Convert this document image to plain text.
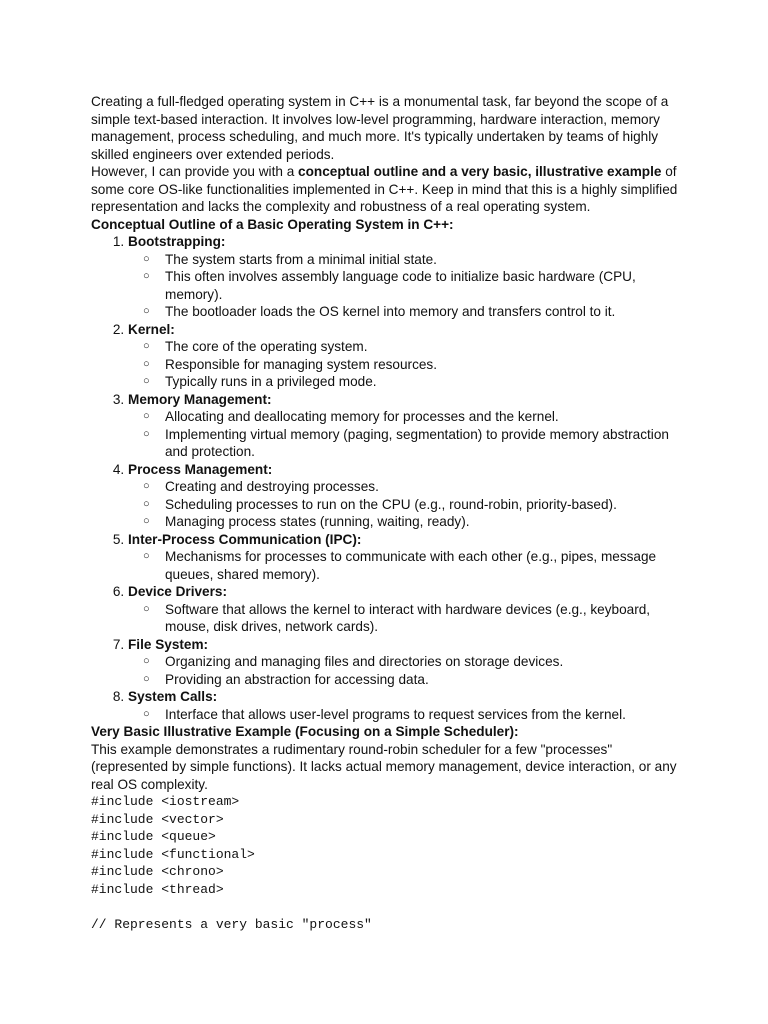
Creating a full-fledged operating system in C++ is a monumental task, far beyond the scope of a simple text-based interaction. It involves low-level programming, hardware interaction, memory management, process scheduling, and much more. It's typically undertaken by teams of highly skilled engineers over extended periods.

However, I can provide you with a conceptual outline and a very basic, illustrative example of some core OS-like functionalities implemented in C++. Keep in mind that this is a highly simplified representation and lacks the complexity and robustness of a real operating system.

Conceptual Outline of a Basic Operating System in C++:

1. Bootstrapping:
○ The system starts from a minimal initial state.
○ This often involves assembly language code to initialize basic hardware (CPU, memory).
○ The bootloader loads the OS kernel into memory and transfers control to it.
2. Kernel:
○ The core of the operating system.
○ Responsible for managing system resources.
○ Typically runs in a privileged mode.
3. Memory Management:
○ Allocating and deallocating memory for processes and the kernel.
○ Implementing virtual memory (paging, segmentation) to provide memory abstraction and protection.
4. Process Management:
○ Creating and destroying processes.
○ Scheduling processes to run on the CPU (e.g., round-robin, priority-based).
○ Managing process states (running, waiting, ready).
5. Inter-Process Communication (IPC):
○ Mechanisms for processes to communicate with each other (e.g., pipes, message queues, shared memory).
6. Device Drivers:
○ Software that allows the kernel to interact with hardware devices (e.g., keyboard, mouse, disk drives, network cards).
7. File System:
○ Organizing and managing files and directories on storage devices.
○ Providing an abstraction for accessing data.
8. System Calls:
○ Interface that allows user-level programs to request services from the kernel.

Very Basic Illustrative Example (Focusing on a Simple Scheduler):

This example demonstrates a rudimentary round-robin scheduler for a few "processes" (represented by simple functions). It lacks actual memory management, device interaction, or any real OS complexity.

#include <iostream>
#include <vector>
#include <queue>
#include <functional>
#include <chrono>
#include <thread>

// Represents a very basic "process"
